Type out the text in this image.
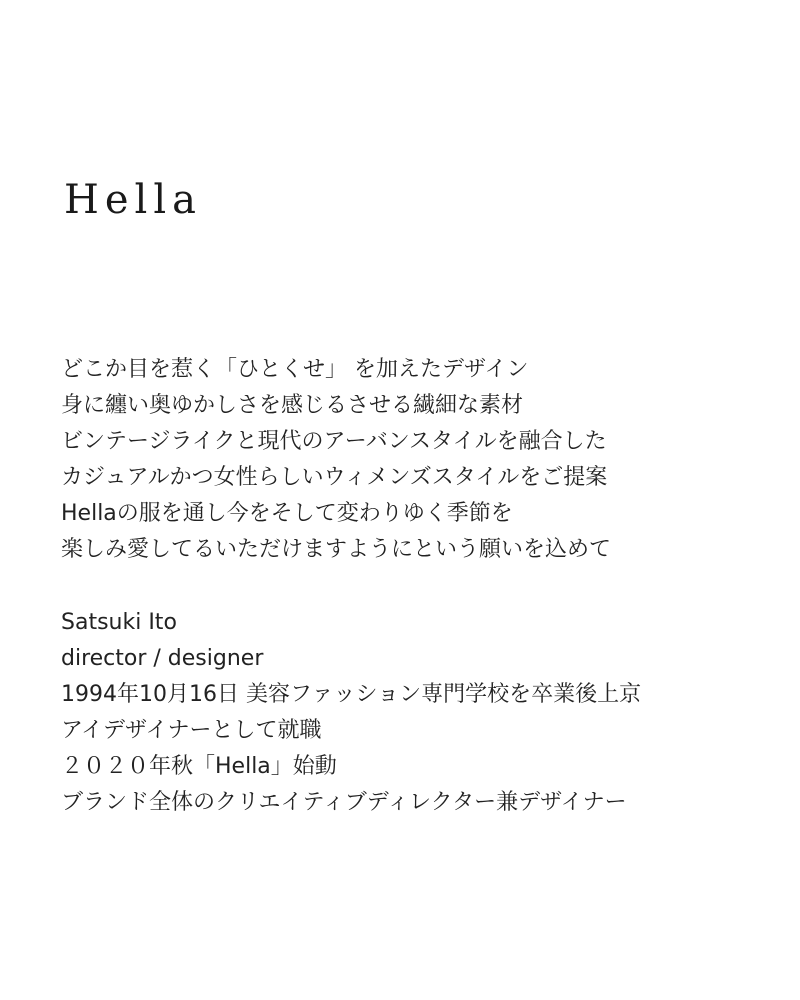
Hella
どこか目を惹く「ひとくせ」 を加えたデザイン
身に纏い奥ゆかしさを感じるさせる繊細な素材
ビンテージライクと現代のアーバンスタイルを融合した
カジュアルかつ女性らしいウィメンズスタイルをご提案
Hellaの服を通し今をそして変わりゆく季節を
楽しみ愛してるいただけますようにという願いを込めて
Satsuki Ito
director / designer
1994年10月16日 美容ファッション専門学校を卒業後上京
アイデザイナーとして就職
２０２０年秋「Hella」始動
ブランド全体のクリエイティブディレクター兼デザイナー
